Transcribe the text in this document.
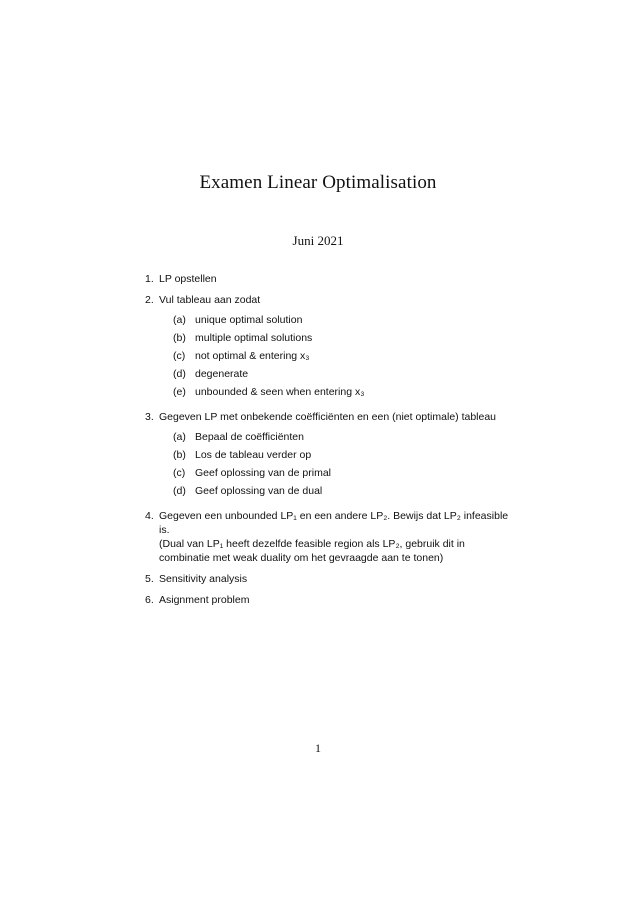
Examen Linear Optimalisation
Juni 2021
1. LP opstellen
2. Vul tableau aan zodat
(a) unique optimal solution
(b) multiple optimal solutions
(c) not optimal & entering x₃
(d) degenerate
(e) unbounded & seen when entering x₃
3. Gegeven LP met onbekende coëfficiënten en een (niet optimale) tableau
(a) Bepaal de coëfficiënten
(b) Los de tableau verder op
(c) Geef oplossing van de primal
(d) Geef oplossing van de dual
4. Gegeven een unbounded LP₁ en een andere LP₂. Bewijs dat LP₂ infeasible is.
(Dual van LP₁ heeft dezelfde feasible region als LP₂, gebruik dit in combinatie met weak duality om het gevraagde aan te tonen)
5. Sensitivity analysis
6. Asignment problem
1
